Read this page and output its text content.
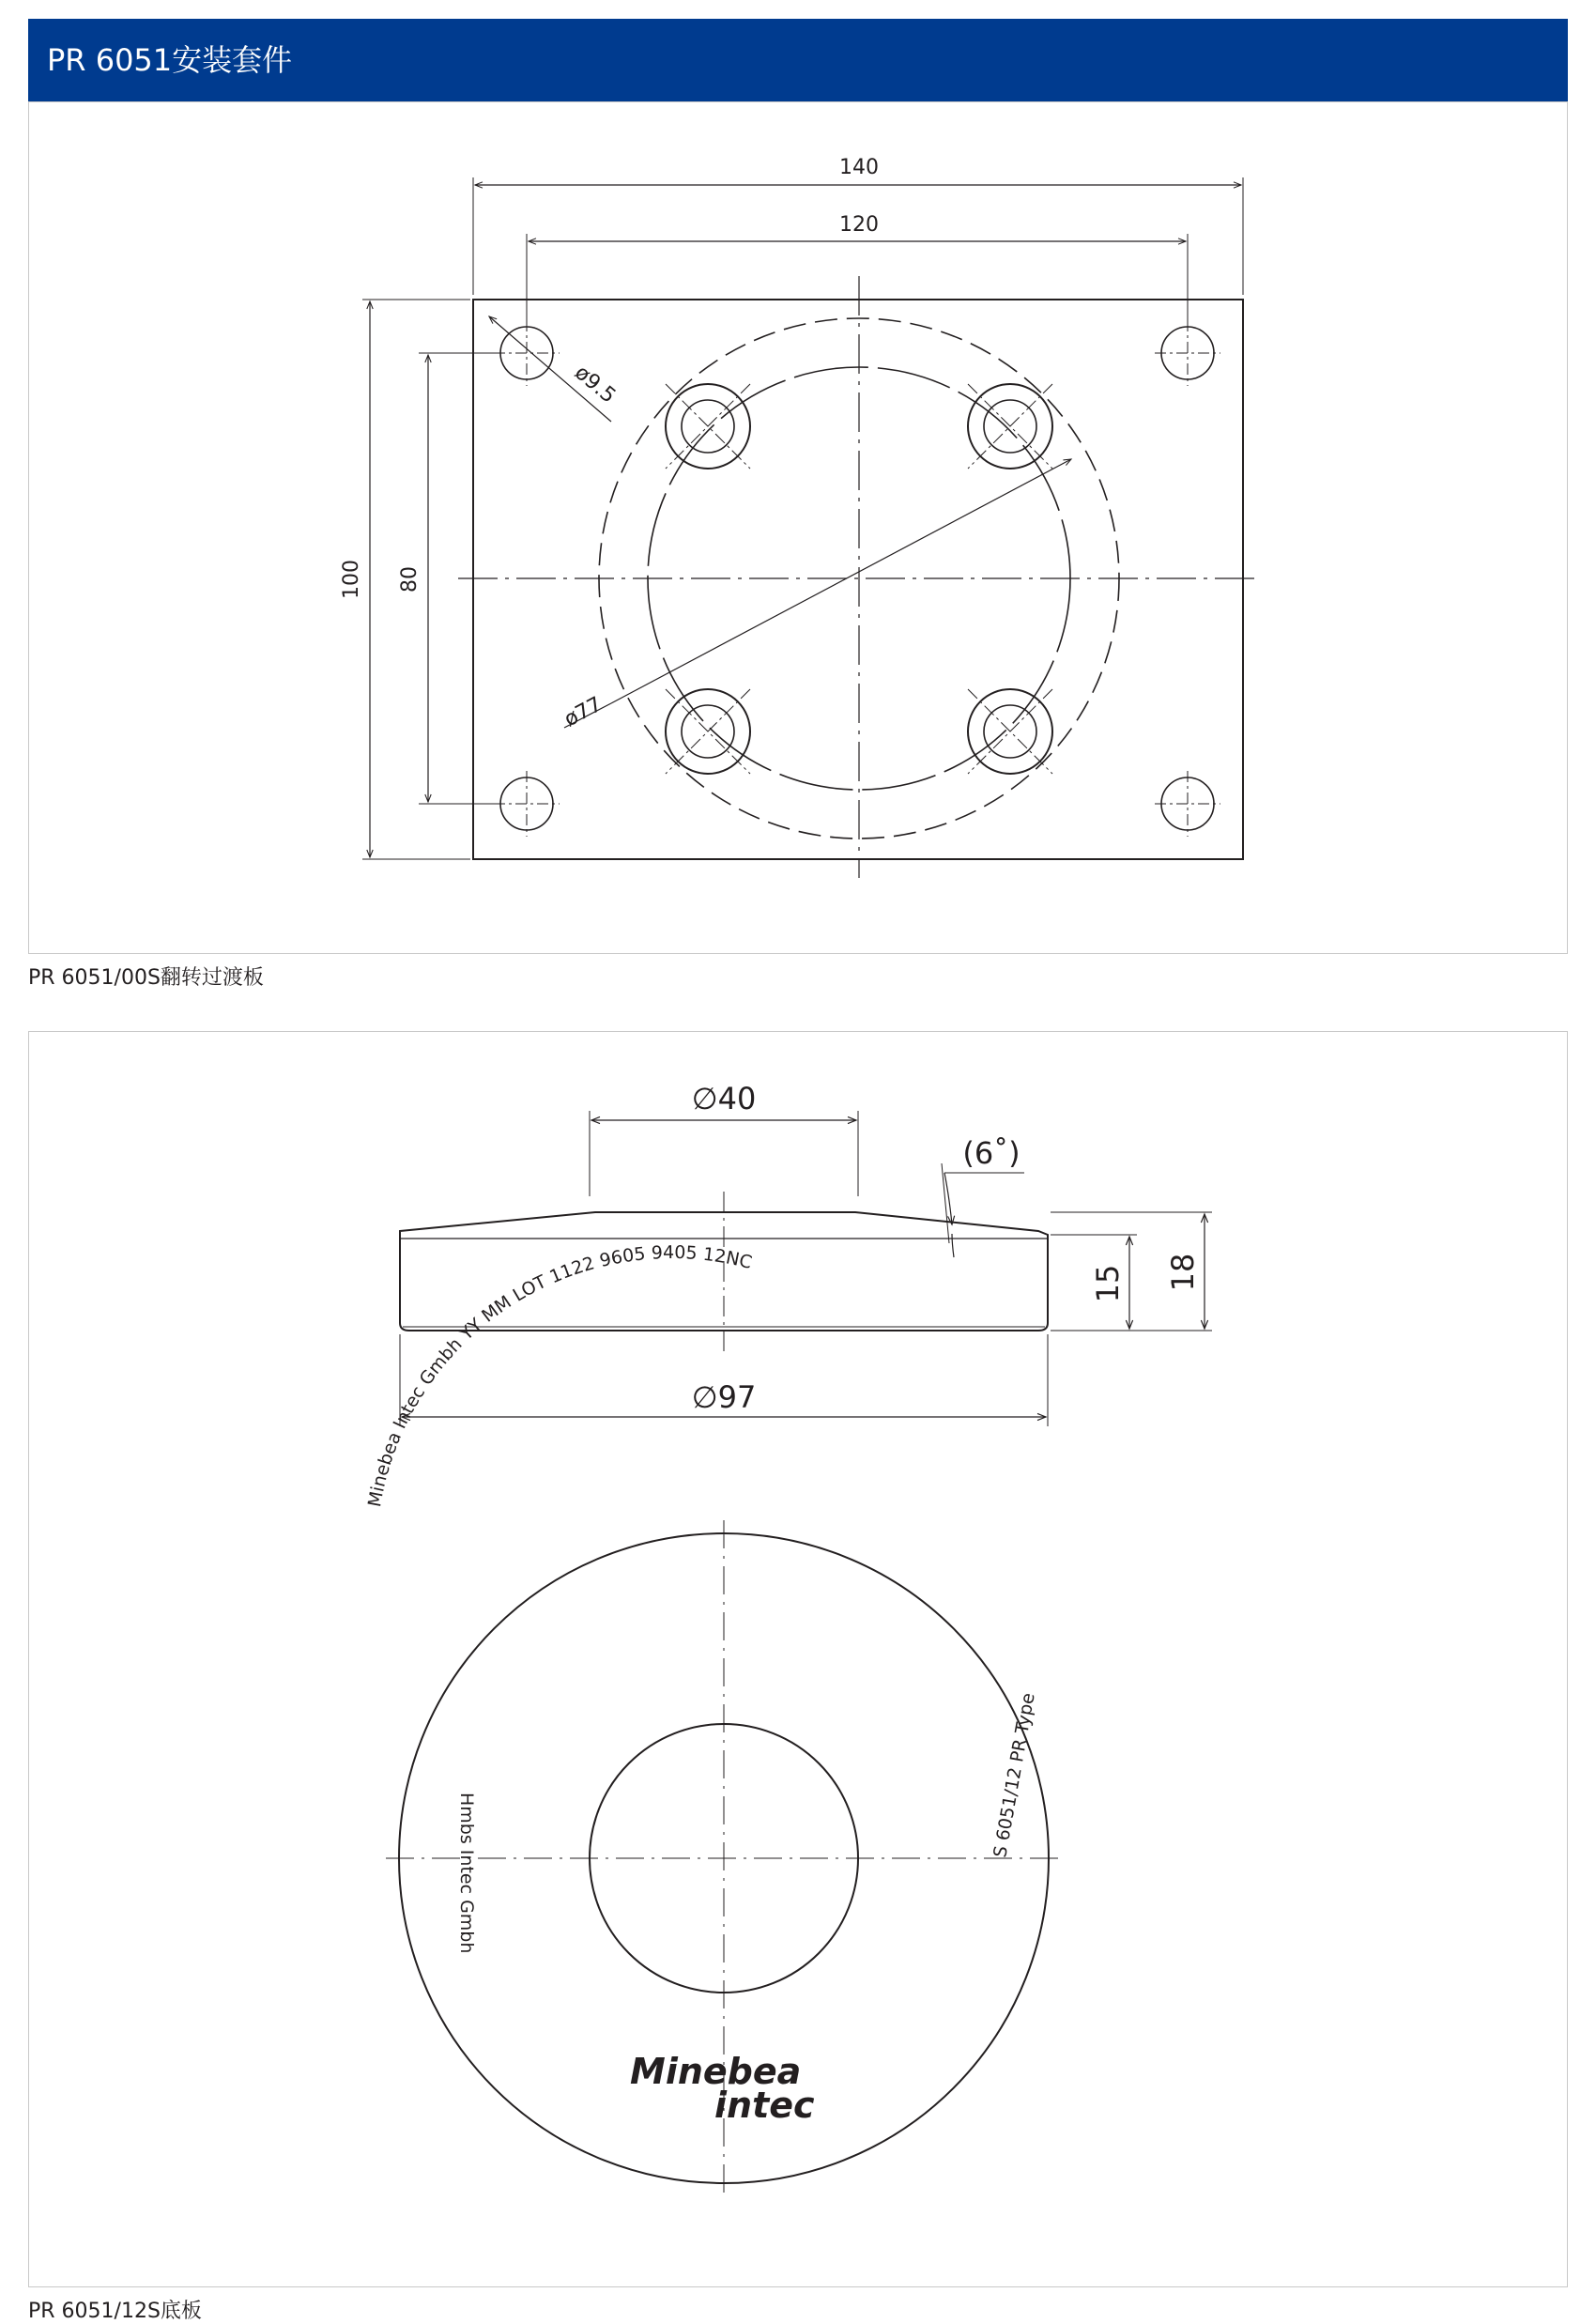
PR 6051安装套件
140
120
100 80
ø9.5
ø77
PR 6051/00S翻转过渡板
∅40
(6˚)
15 18
∅97
Minebea Intec Gmbh YY MM LOT 1122 9605 9405 12NC
Hmbs Intec Gmbh
S 6051/12 PR Type
Minebea
intec
PR 6051/12S底板
